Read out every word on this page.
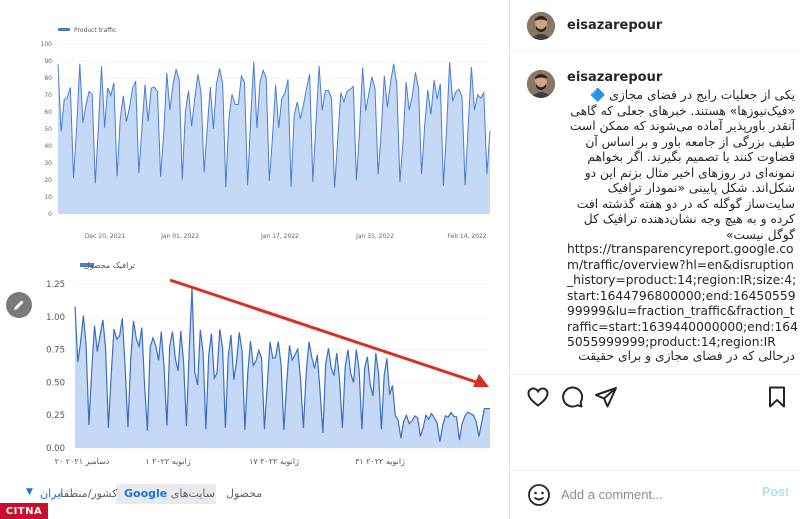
100
90
80
70
60
50
40
30
20
10
0
Dec 20, 2021	Jan 01, 2022	Jan 17, 2022	Jan 31, 2022	Feb 14, 2022
Product traffic
1.25
1.00
0.75
0.50
0.25
0.00
۲۰ دسامبر ۲۰۲۱	۱ ژانویه ۲۰۲۲	۱۷ ژانویه ۲۰۲۲	۳۱ ژانویه ۲۰۲۲
ترافیک محصول
محصول
Google سایت‌های
کشور/منطقه
ایران
▼
CITNA
eisazarepour
eisazarepour
یکی از جعلیات رایج در فضای مجازی 🔷 «فیک‌نیوزها» هستند. خبرهای جعلی که گاهی آنقدر باورپذیر آماده می‌شوند که ممکن است طیف بزرگی از جامعه باور و بر اساس آن قضاوت کنند یا تصمیم بگیرند. اگر بخواهم نمونه‌ای در روزهای اخیر مثال بزنم این دو شکل‌اند. شکل پایینی «نمودار ترافیک سایت‌ساز گوگله که در دو هفته گذشته افت کرده و به هیچ وجه نشان‌دهنده ترافیک کل گوگل نیست»
https://transparencyreport.google.com/traffic/overview?hl=en&disruption_history=product:14;region:IR;size:4;start:1644796800000;end:1645055999999&lu=fraction_traffic&fraction_traffic=start:1639440000000;end:1645055999999;product:14;region:IR
درحالی که در فضای مجازی و برای حقیقت
Add a comment...
Post
